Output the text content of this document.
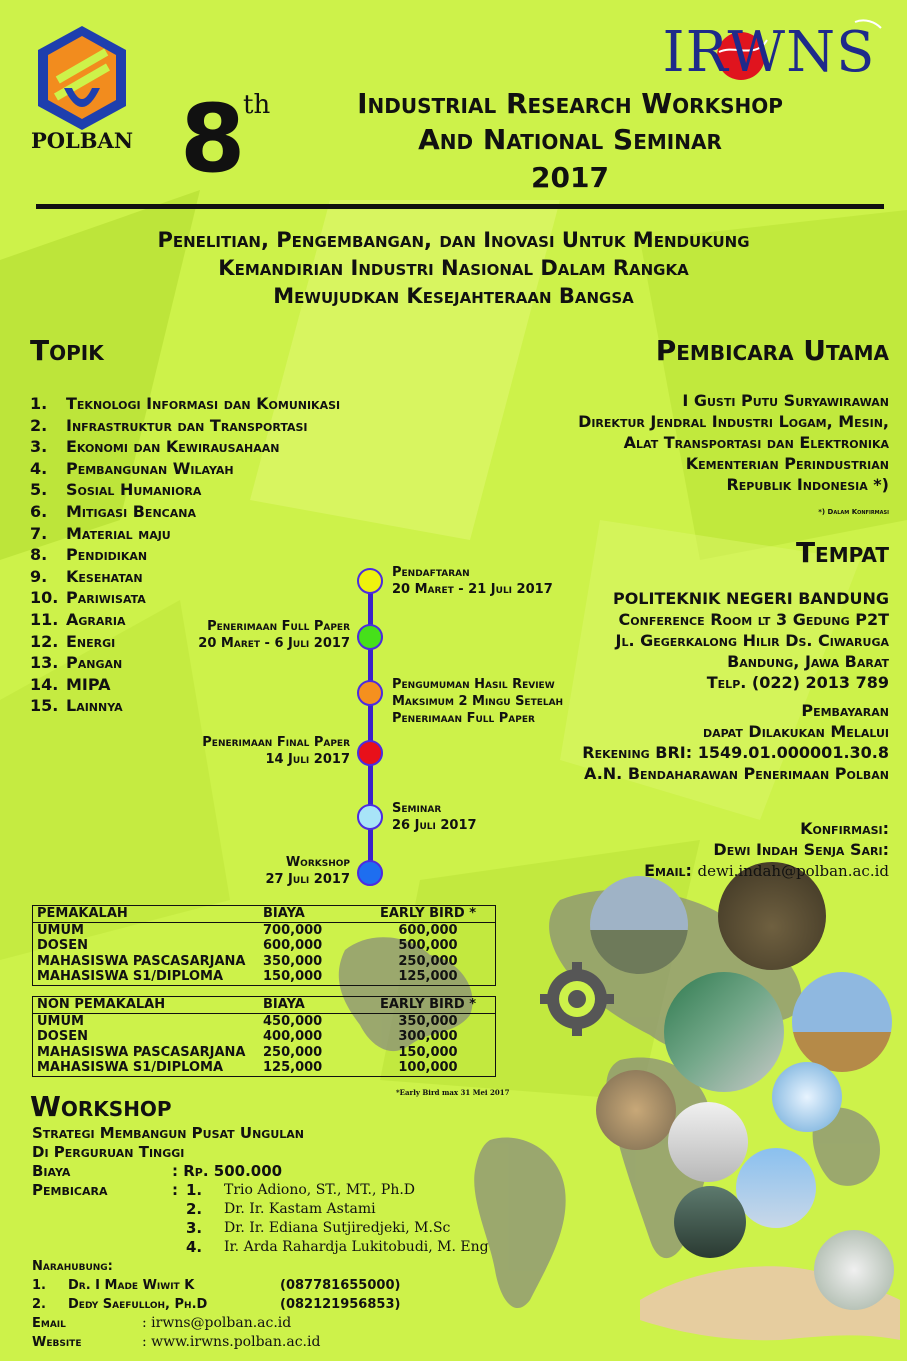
POLBAN
IRWNS
8
th	Industrial Research Workshop
And National Seminar
2017
Penelitian, Pengembangan, dan Inovasi Untuk Mendukung
Kemandirian Industri Nasional Dalam Rangka
Mewujudkan Kesejahteraan Bangsa
Topik
1.	Teknologi Informasi dan Komunikasi
2.	Infrastruktur dan Transportasi
3.	Ekonomi dan Kewirausahaan
4.	Pembangunan Wilayah
5.	Sosial Humaniora
6.	Mitigasi Bencana
7.	Material maju
8.	Pendidikan
9.	Kesehatan
10. Pariwisata
11. Agraria
12. Energi
13. Pangan
14. MIPA
15. Lainnya
Pembicara Utama
I Gusti Putu Suryawirawan
Direktur Jendral Industri Logam, Mesin,
Alat Transportasi dan Elektronika
Kementerian Perindustrian
Republik Indonesia *)
*) Dalam Konfirmasi
Tempat
POLITEKNIK NEGERI BANDUNG
Conference Room lt 3 Gedung P2T
Jl. Gegerkalong Hilir Ds. Ciwaruga
Bandung, Jawa Barat
Telp. (022) 2013 789
Pembayaran
dapat Dilakukan Melalui
Rekening BRI: 1549.01.000001.30.8
A.N. Bendaharawan Penerimaan Polban
Konfirmasi:
Dewi Indah Senja Sari:
Email: dewi.indah@polban.ac.id
Pendaftaran
20 Maret - 21 Juli 2017
Penerimaan Full Paper
20 Maret - 6 Juli 2017
Pengumuman Hasil Review
Maksimum 2 Mingu Setelah
Penerimaan Full Paper
Penerimaan Final Paper
14 Juli 2017
Seminar
26 Juli 2017
Workshop
27 Juli 2017
PEMAKALAH	BIAYA	EARLY BIRD *
UMUM	700,000	600,000
DOSEN	600,000	500,000
MAHASISWA PASCASARJANA	350,000	250,000
MAHASISWA S1/DIPLOMA	150,000	125,000
NON PEMAKALAH	BIAYA	EARLY BIRD *
UMUM	450,000	350,000
DOSEN	400,000	300,000
MAHASISWA PASCASARJANA	250,000	150,000
MAHASISWA S1/DIPLOMA	125,000	100,000
*Early Bird max 31 Mei 2017
Workshop
Strategi Membangun Pusat Ungulan
Di Perguruan Tinggi
Biaya	: Rp. 500.000
Pembicara	: 1.	Trio Adiono, ST., MT., Ph.D
2.	Dr. Ir. Kastam Astami
3.	Dr. Ir. Ediana Sutjiredjeki, M.Sc
4.	Ir. Arda Rahardja Lukitobudi, M. Eng
Narahubung:
1.	Dr. I Made Wiwit K	(087781655000)
2.	Dedy Saefulloh, Ph.D	(082121956853)
Email	: irwns@polban.ac.id
Website	: www.irwns.polban.ac.id
